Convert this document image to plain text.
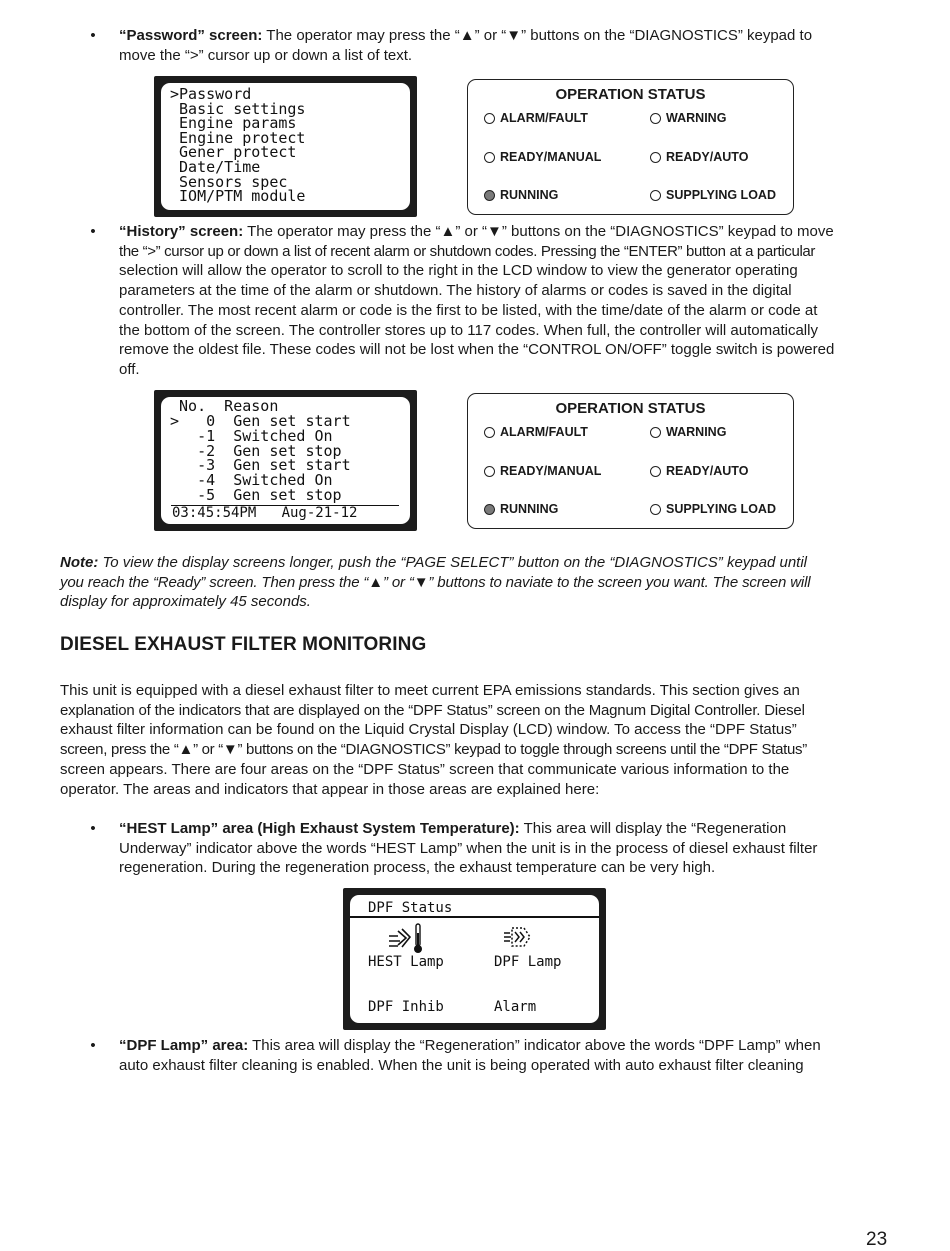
• “Password” screen: The operator may press the “▲” or “▼” buttons on the “DIAGNOSTICS” keypad to
move the “>” cursor up or down a list of text.
>Password
Basic settings
Engine params
Engine protect
Gener protect
Date/Time
Sensors spec
IOM/PTM module
OPERATION STATUS
ALARM/FAULT	WARNING
READY/MANUAL	READY/AUTO
RUNNING	SUPPLYING LOAD
• “History” screen: The operator may press the “▲” or “▼” buttons on the “DIAGNOSTICS” keypad to move
the “>” cursor up or down a list of recent alarm or shutdown codes. Pressing the “ENTER” button at a particular
selection will allow the operator to scroll to the right in the LCD window to view the generator operating
parameters at the time of the alarm or shutdown. The history of alarms or codes is saved in the digital
controller. The most recent alarm or code is the first to be listed, with the time/date of the alarm or code at
the bottom of the screen. The controller stores up to 117 codes. When full, the controller will automatically
remove the oldest file. These codes will not be lost when the “CONTROL ON/OFF” toggle switch is powered
off.
No.  Reason
>   0  Gen set start
-1  Switched On
-2  Gen set stop
-3  Gen set start
-4  Switched On
-5  Gen set stop
03:45:54PM   Aug-21-12
OPERATION STATUS
ALARM/FAULT	WARNING
READY/MANUAL	READY/AUTO
RUNNING	SUPPLYING LOAD
Note: To view the display screens longer, push the “PAGE SELECT” button on the “DIAGNOSTICS” keypad until
you reach the “Ready” screen. Then press the “▲” or “▼” buttons to naviate to the screen you want. The screen will
display for approximately 45 seconds.
DIESEL EXHAUST FILTER MONITORING
This unit is equipped with a diesel exhaust filter to meet current EPA emissions standards. This section gives an
explanation of the indicators that are displayed on the “DPF Status” screen on the Magnum Digital Controller. Diesel
exhaust filter information can be found on the Liquid Crystal Display (LCD) window. To access the “DPF Status”
screen, press the “▲” or “▼” buttons on the “DIAGNOSTICS” keypad to toggle through screens until the “DPF Status”
screen appears. There are four areas on the “DPF Status” screen that communicate various information to the
operator. The areas and indicators that appear in those areas are explained here:
• “HEST Lamp” area (High Exhaust System Temperature): This area will display the “Regeneration
Underway” indicator above the words “HEST Lamp” when the unit is in the process of diesel exhaust filter
regeneration. During the regeneration process, the exhaust temperature can be very high.
DPF Status
HEST Lamp	DPF Lamp
DPF Inhib	Alarm
• “DPF Lamp” area: This area will display the “Regeneration” indicator above the words “DPF Lamp” when
auto exhaust filter cleaning is enabled. When the unit is being operated with auto exhaust filter cleaning
23
